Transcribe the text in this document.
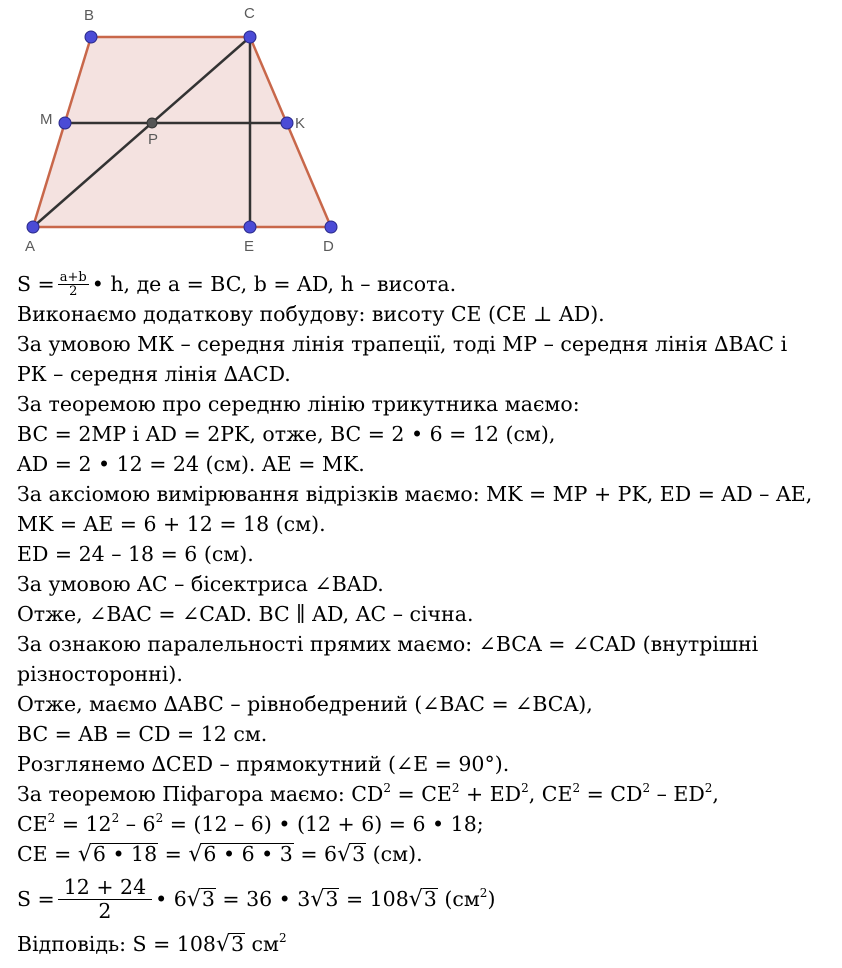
B	C
M
P
K
A	E	D
$S = \frac{a+b}{2}$ • h, де a = BC, b = AD, h – висота.
Виконаємо додаткову побудову: висоту CE (CE ⊥ AD).
За умовою МК – середня лінія трапеції, тоді МР – середня лінія ∆BAC і
РК – середня лінія ∆ACD.
За теоремою про середню лінію трикутника маємо:
BC = 2MP і AD = 2PK, отже, BC = 2 • 6 = 12 (см),
AD = 2 • 12 = 24 (см). AE = MK.
За аксіомою вимірювання відрізків маємо: MK = MP + PK, ED = AD – AE,
MK = AE = 6 + 12 = 18 (см).
ED = 24 – 18 = 6 (см).
За умовою AC – бісектриса ∠BAD.
Отже, ∠BAC = ∠CAD. BC ∥ AD, AC – січна.
За ознакою паралельності прямих маємо: ∠BCA = ∠CAD (внутрішні
різносторонні).
Отже, маємо ∆ABC – рівнобедрений (∠BAC = ∠BCA),
BC = AB = CD = 12 см.
Розглянемо ∆CED – прямокутний (∠E = 90°).
За теоремою Піфагора маємо: $CD^2 = CE^2 + ED^2$, $CE^2 = CD^2 - ED^2$,
$CE^2 = 12^2 - 6^2 = (12 - 6)$ • (12 + 6) = 6 • 18;
CE = √6 • 18 = √6 • 6 • 3 = 6√3 (см).
$S = \frac{12 + 24}{2}$ • 6√3 = 36 • 3√3 = 108√3 $(см^2)$
Відповідь: S = 108√3 $см^2$
